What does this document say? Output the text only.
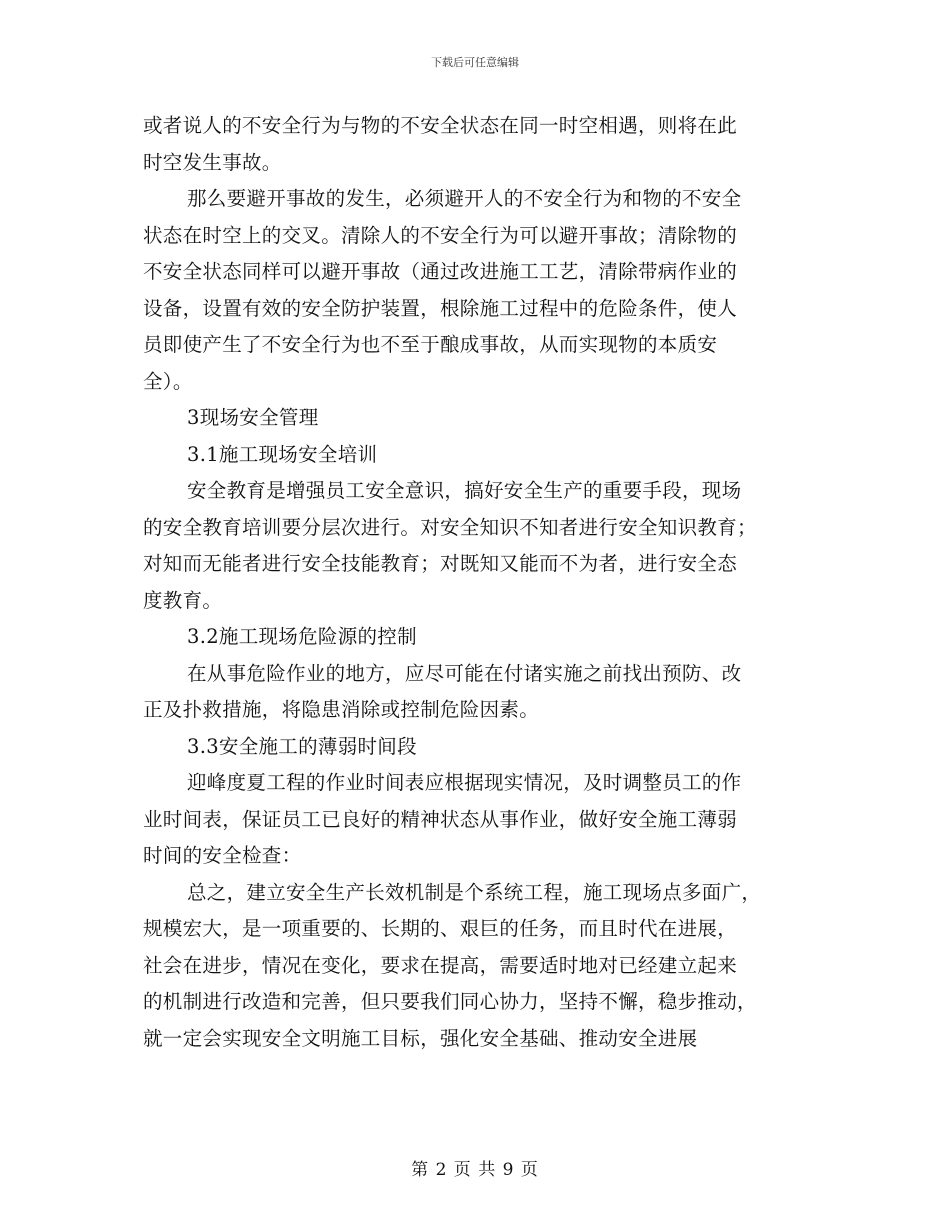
下载后可任意编辑
或者说人的不安全行为与物的不安全状态在同一时空相遇，则将在此
时空发生事故。
那么要避开事故的发生，必须避开人的不安全行为和物的不安全
状态在时空上的交叉。清除人的不安全行为可以避开事故；清除物的
不安全状态同样可以避开事故（通过改进施工工艺，清除带病作业的
设备，设置有效的安全防护装置，根除施工过程中的危险条件，使人
员即使产生了不安全行为也不至于酿成事故，从而实现物的本质安
全）。
3现场安全管理
3.1施工现场安全培训
安全教育是增强员工安全意识，搞好安全生产的重要手段，现场
的安全教育培训要分层次进行。对安全知识不知者进行安全知识教育；
对知而无能者进行安全技能教育；对既知又能而不为者，进行安全态
度教育。
3.2施工现场危险源的控制
在从事危险作业的地方，应尽可能在付诸实施之前找出预防、改
正及扑救措施，将隐患消除或控制危险因素。
3.3安全施工的薄弱时间段
迎峰度夏工程的作业时间表应根据现实情况，及时调整员工的作
业时间表，保证员工已良好的精神状态从事作业，做好安全施工薄弱
时间的安全检查：
总之，建立安全生产长效机制是个系统工程，施工现场点多面广，
规模宏大，是一项重要的、长期的、艰巨的任务，而且时代在进展，
社会在进步，情况在变化，要求在提高，需要适时地对已经建立起来
的机制进行改造和完善，但只要我们同心协力，坚持不懈，稳步推动，
就一定会实现安全文明施工目标，强化安全基础、推动安全进展
第 2 页 共 9 页
